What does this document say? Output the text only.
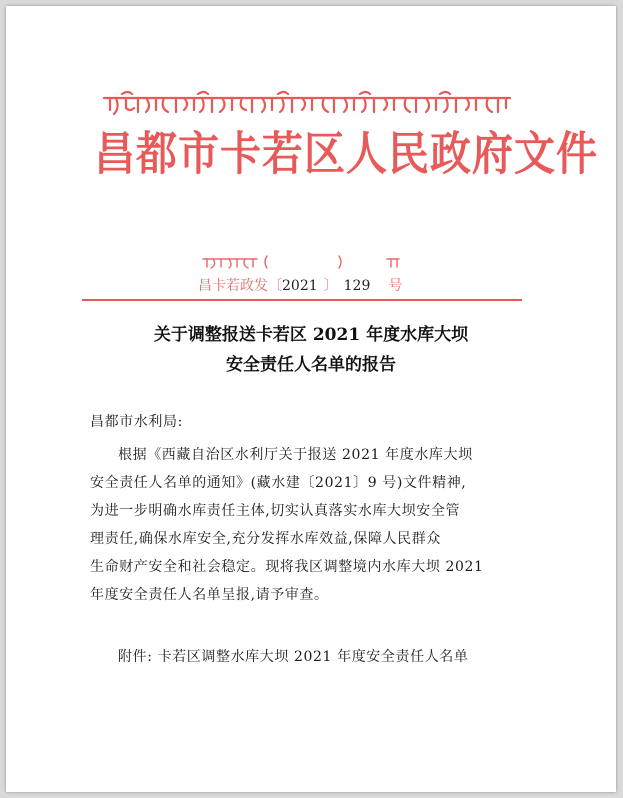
昌都市卡若区人民政府文件
昌卡若政发〔2021 〕 129 号
关于调整报送卡若区 2021 年度水库大坝
安全责任人名单的报告
昌都市水利局:
根据《西藏自治区水利厅关于报送 2021 年度水库大坝
安全责任人名单的通知》(藏水建〔2021〕9 号)文件精神,
为进一步明确水库责任主体,切实认真落实水库大坝安全管
理责任,确保水库安全,充分发挥水库效益,保障人民群众
生命财产安全和社会稳定。现将我区调整境内水库大坝 2021
年度安全责任人名单呈报,请予审查。
附件: 卡若区调整水库大坝 2021 年度安全责任人名单
